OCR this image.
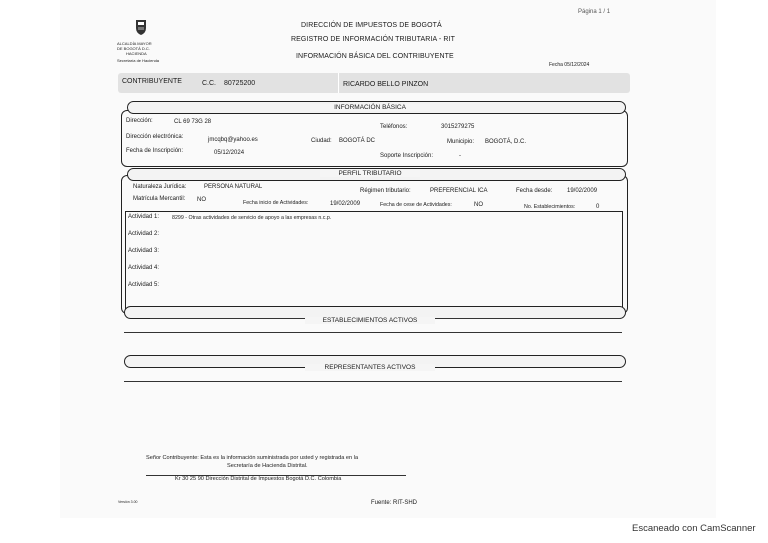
ALCALDÍA MAYOR
DE BOGOTÁ D.C.
HACIENDA
Secretaría de Hacienda
Página 1 / 1
DIRECCIÓN DE IMPUESTOS DE BOGOTÁ
REGISTRO DE INFORMACIÓN TRIBUTARIA - RIT
INFORMACIÓN BÁSICA DEL CONTRIBUYENTE
Fecha 05/12/2024
CONTRIBUYENTE	C.C. 80725200	RICARDO BELLO PINZON
INFORMACIÓN BÁSICA
Dirección:	CL 69 73G 28
Teléfonos:	3015279275
Dirección electrónica:	jmcqbq@yahoo.es	Ciudad: BOGOTÁ DC	Municipio: BOGOTÁ, D.C.
Fecha de Inscripción:	05/12/2024	Soporte Inscripción:	-
PERFIL TRIBUTARIO
Naturaleza Jurídica:	PERSONA NATURAL
Régimen tributario:	PREFERENCIAL ICA	Fecha desde: 19/02/2009
Matrícula Mercantil: NO	Fecha inicio de Actividades:	19/02/2009	Fecha de cese de Actividades:	NO	No. Establecimientos:	0
Actividad 1: 8299 - Otras actividades de servicio de apoyo a las empresas n.c.p.
Actividad 2:
Actividad 3:
Actividad 4:
Actividad 5:
ESTABLECIMIENTOS ACTIVOS
REPRESENTANTES ACTIVOS
Señor Contribuyente: Esta es la información suministrada por usted y registrada en la
Secretaría de Hacienda Distrital.
Kr 30 25 90 Dirección Distrital de Impuestos Bogotá D.C. Colombia
Versión 3.00	Fuente: RIT-SHD
Escaneado con CamScanner
